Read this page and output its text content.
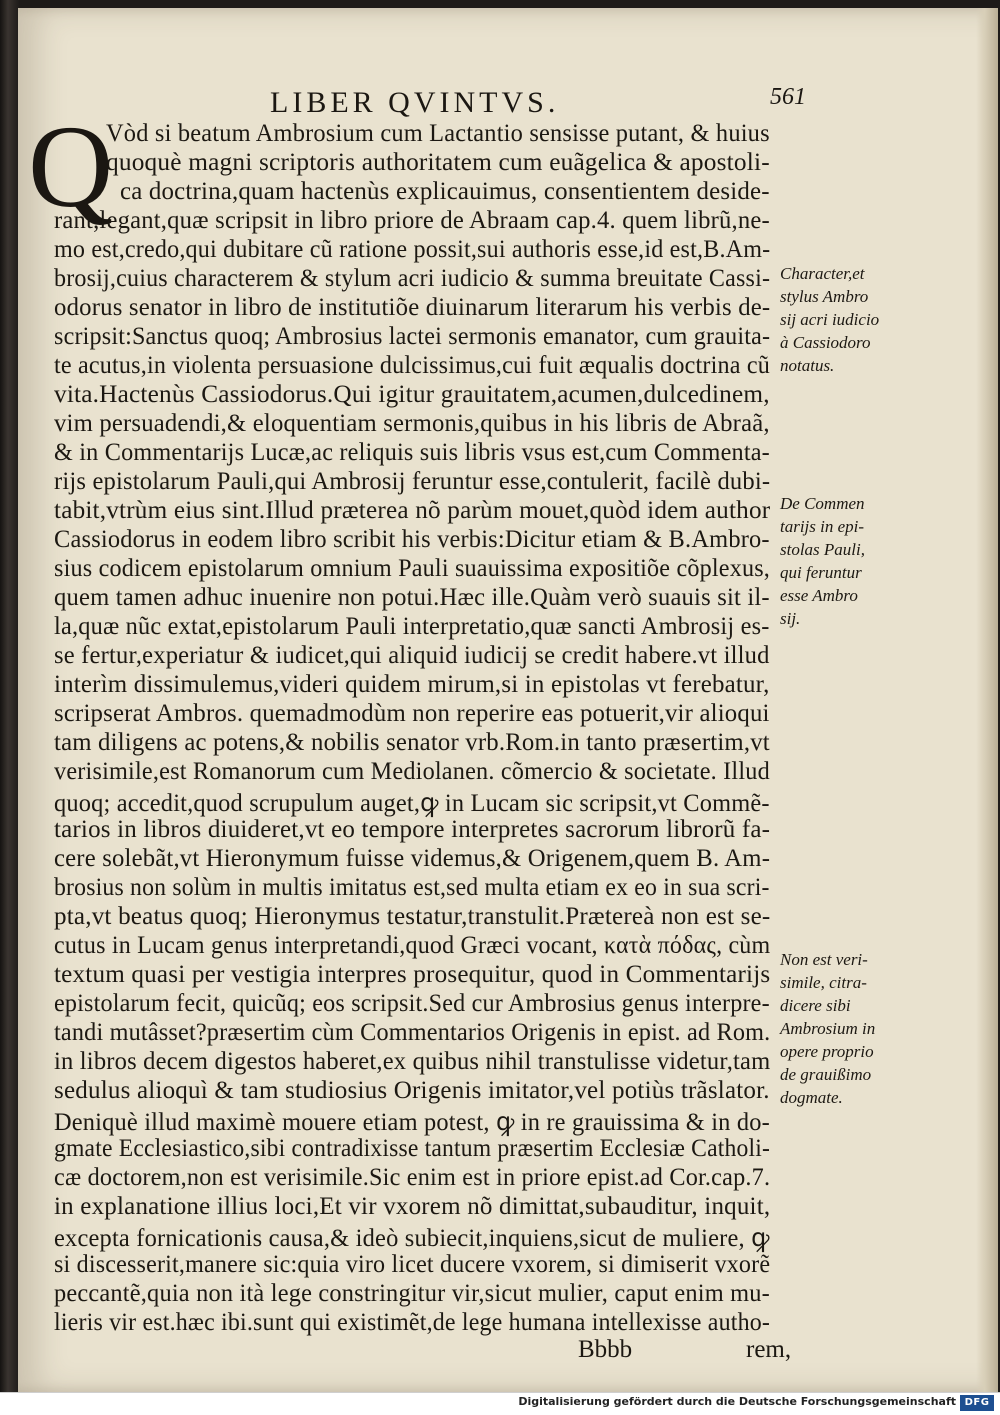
LIBER QVINTVS.	561
Q
Vòd si beatum Ambrosium cum Lactantio sensisse putant, & huius
quoquè magni scriptoris authoritatem cum euãgelica & apostoli-
ca doctrina,quam hactenùs explicauimus, consentientem deside-
rant,legant,quæ scripsit in libro priore de Abraam cap.4. quem librũ,ne-
mo est,credo,qui dubitare cũ ratione possit,sui authoris esse,id est,B.Am-
brosij,cuius characterem & stylum acri iudicio & summa breuitate Cassi-
odorus senator in libro de institutiõe diuinarum literarum his verbis de-
scripsit:Sanctus quoq; Ambrosius lactei sermonis emanator, cum grauita-
te acutus,in violenta persuasione dulcissimus,cui fuit æqualis doctrina cũ
vita.Hactenùs Cassiodorus.Qui igitur grauitatem,acumen,dulcedinem,
vim persuadendi,& eloquentiam sermonis,quibus in his libris de Abraã,
& in Commentarijs Lucæ,ac reliquis suis libris vsus est,cum Commenta-
rijs epistolarum Pauli,qui Ambrosij feruntur esse,contulerit, facilè dubi-
tabit,vtrùm eius sint.Illud præterea nõ parùm mouet,quòd idem author
Cassiodorus in eodem libro scribit his verbis:Dicitur etiam & B.Ambro-
sius codicem epistolarum omnium Pauli suauissima expositiõe cõplexus,
quem tamen adhuc inuenire non potui.Hæc ille.Quàm verò suauis sit il-
la,quæ nũc extat,epistolarum Pauli interpretatio,quæ sancti Ambrosij es-
se fertur,experiatur & iudicet,qui aliquid iudicij se credit habere.vt illud
interìm dissimulemus,videri quidem mirum,si in epistolas vt ferebatur,
scripserat Ambros. quemadmodùm non reperire eas potuerit,vir alioqui
tam diligens ac potens,& nobilis senator vrb.Rom.in tanto præsertim,vt
verisimile,est Romanorum cum Mediolanen. cõmercio & societate. Illud
quoq; accedit,quod scrupulum auget,ꝙ in Lucam sic scripsit,vt Commẽ-
tarios in libros diuideret,vt eo tempore interpretes sacrorum librorũ fa-
cere solebãt,vt Hieronymum fuisse videmus,& Origenem,quem B. Am-
brosius non solùm in multis imitatus est,sed multa etiam ex eo in sua scri-
pta,vt beatus quoq; Hieronymus testatur,transtulit.Prætereà non est se-
cutus in Lucam genus interpretandi,quod Græci vocant, κατὰ πόδας, cùm
textum quasi per vestigia interpres prosequitur, quod in Commentarijs
epistolarum fecit, quicũq; eos scripsit.Sed cur Ambrosius genus interpre-
tandi mutâsset?præsertim cùm Commentarios Origenis in epist. ad Rom.
in libros decem digestos haberet,ex quibus nihil transtulisse videtur,tam
sedulus alioquì & tam studiosius Origenis imitator,vel potiùs trãslator.
Deniquè illud maximè mouere etiam potest, ꝙ in re grauissima & in do-
gmate Ecclesiastico,sibi contradixisse tantum præsertim Ecclesiæ Catholi-
cæ doctorem,non est verisimile.Sic enim est in priore epist.ad Cor.cap.7.
in explanatione illius loci,Et vir vxorem nõ dimittat,subauditur, inquit,
excepta fornicationis causa,& ideò subiecit,inquiens,sicut de muliere, ꝙ
si discesserit,manere sic:quia viro licet ducere vxorem, si dimiserit vxorẽ
peccantẽ,quia non ità lege constringitur vir,sicut mulier, caput enim mu-
lieris vir est.hæc ibi.sunt qui existimẽt,de lege humana intellexisse autho-
Character,et
stylus Ambro
sij acri iudicio
à Cassiodoro
notatus.
De Commen
tarijs in epi-
stolas Pauli,
qui feruntur
esse Ambro
sij.
Non est veri-
simile, citra-
dicere sibi
Ambrosium in
opere proprio
de grauißimo
dogmate.
Bbbb	rem,
Digitalisierung gefördert durch die Deutsche Forschungsgemeinschaft DFG
